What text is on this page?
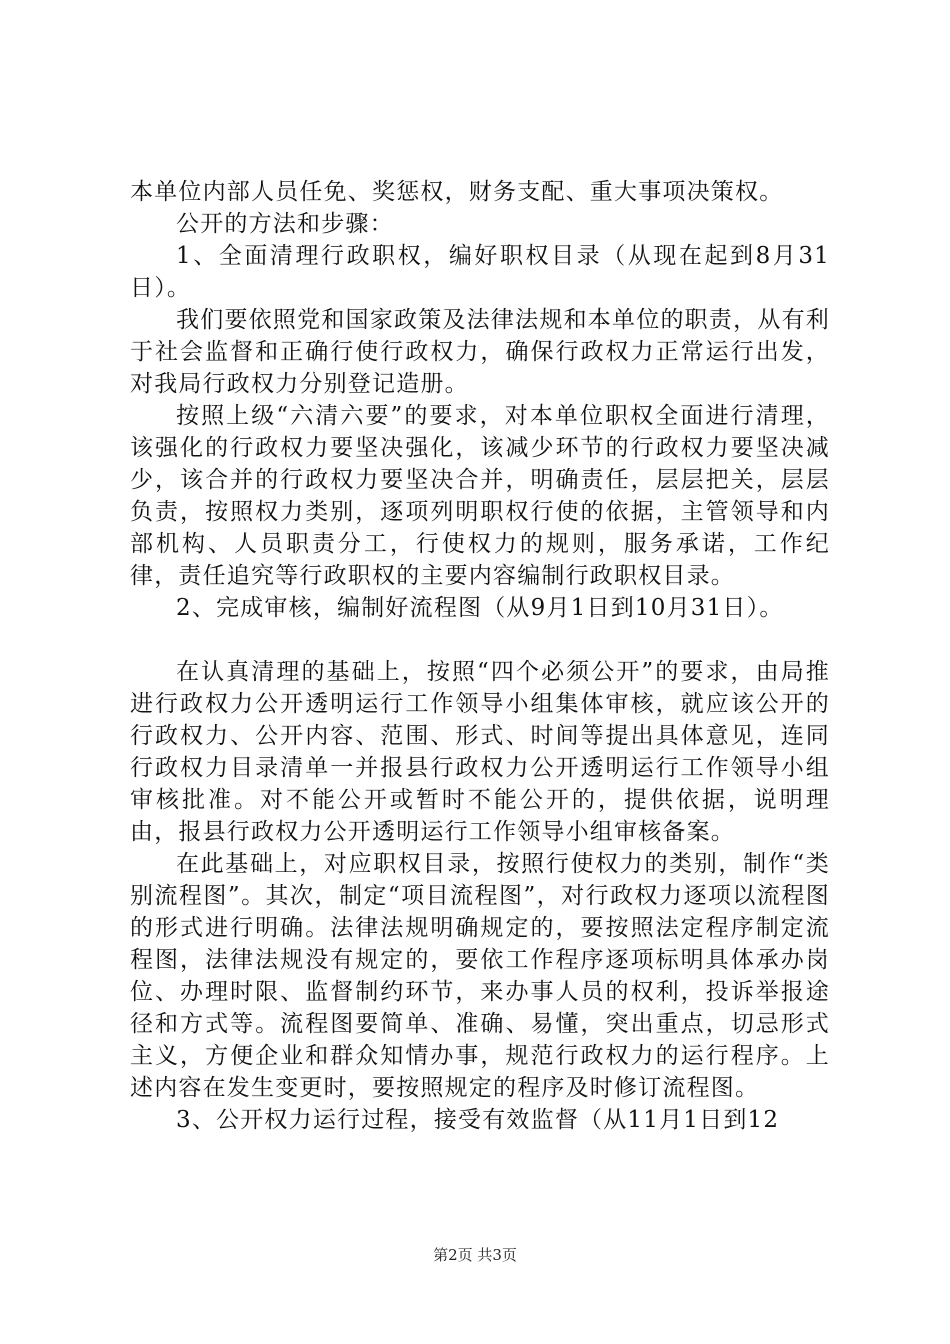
本单位内部人员任免、奖惩权，财务支配、重大事项决策权。

公开的方法和步骤：

1、全面清理行政职权，编好职权目录（从现在起到8月31日）。

我们要依照党和国家政策及法律法规和本单位的职责，从有利于社会监督和正确行使行政权力，确保行政权力正常运行出发，对我局行政权力分别登记造册。

按照上级“六清六要”的要求，对本单位职权全面进行清理，该强化的行政权力要坚决强化，该减少环节的行政权力要坚决减少，该合并的行政权力要坚决合并，明确责任，层层把关，层层负责，按照权力类别，逐项列明职权行使的依据，主管领导和内部机构、人员职责分工，行使权力的规则，服务承诺，工作纪律，责任追究等行政职权的主要内容编制行政职权目录。

2、完成审核，编制好流程图（从9月1日到10月31日）。

在认真清理的基础上，按照“四个必须公开”的要求，由局推进行政权力公开透明运行工作领导小组集体审核，就应该公开的行政权力、公开内容、范围、形式、时间等提出具体意见，连同行政权力目录清单一并报县行政权力公开透明运行工作领导小组审核批准。对不能公开或暂时不能公开的，提供依据，说明理由，报县行政权力公开透明运行工作领导小组审核备案。

在此基础上，对应职权目录，按照行使权力的类别，制作“类别流程图”。其次，制定“项目流程图”，对行政权力逐项以流程图的形式进行明确。法律法规明确规定的，要按照法定程序制定流程图，法律法规没有规定的，要依工作程序逐项标明具体承办岗位、办理时限、监督制约环节，来办事人员的权利，投诉举报途径和方式等。流程图要简单、准确、易懂，突出重点，切忌形式主义，方便企业和群众知情办事，规范行政权力的运行程序。上述内容在发生变更时，要按照规定的程序及时修订流程图。

3、公开权力运行过程，接受有效监督（从11月1日到12

第2页 共3页
